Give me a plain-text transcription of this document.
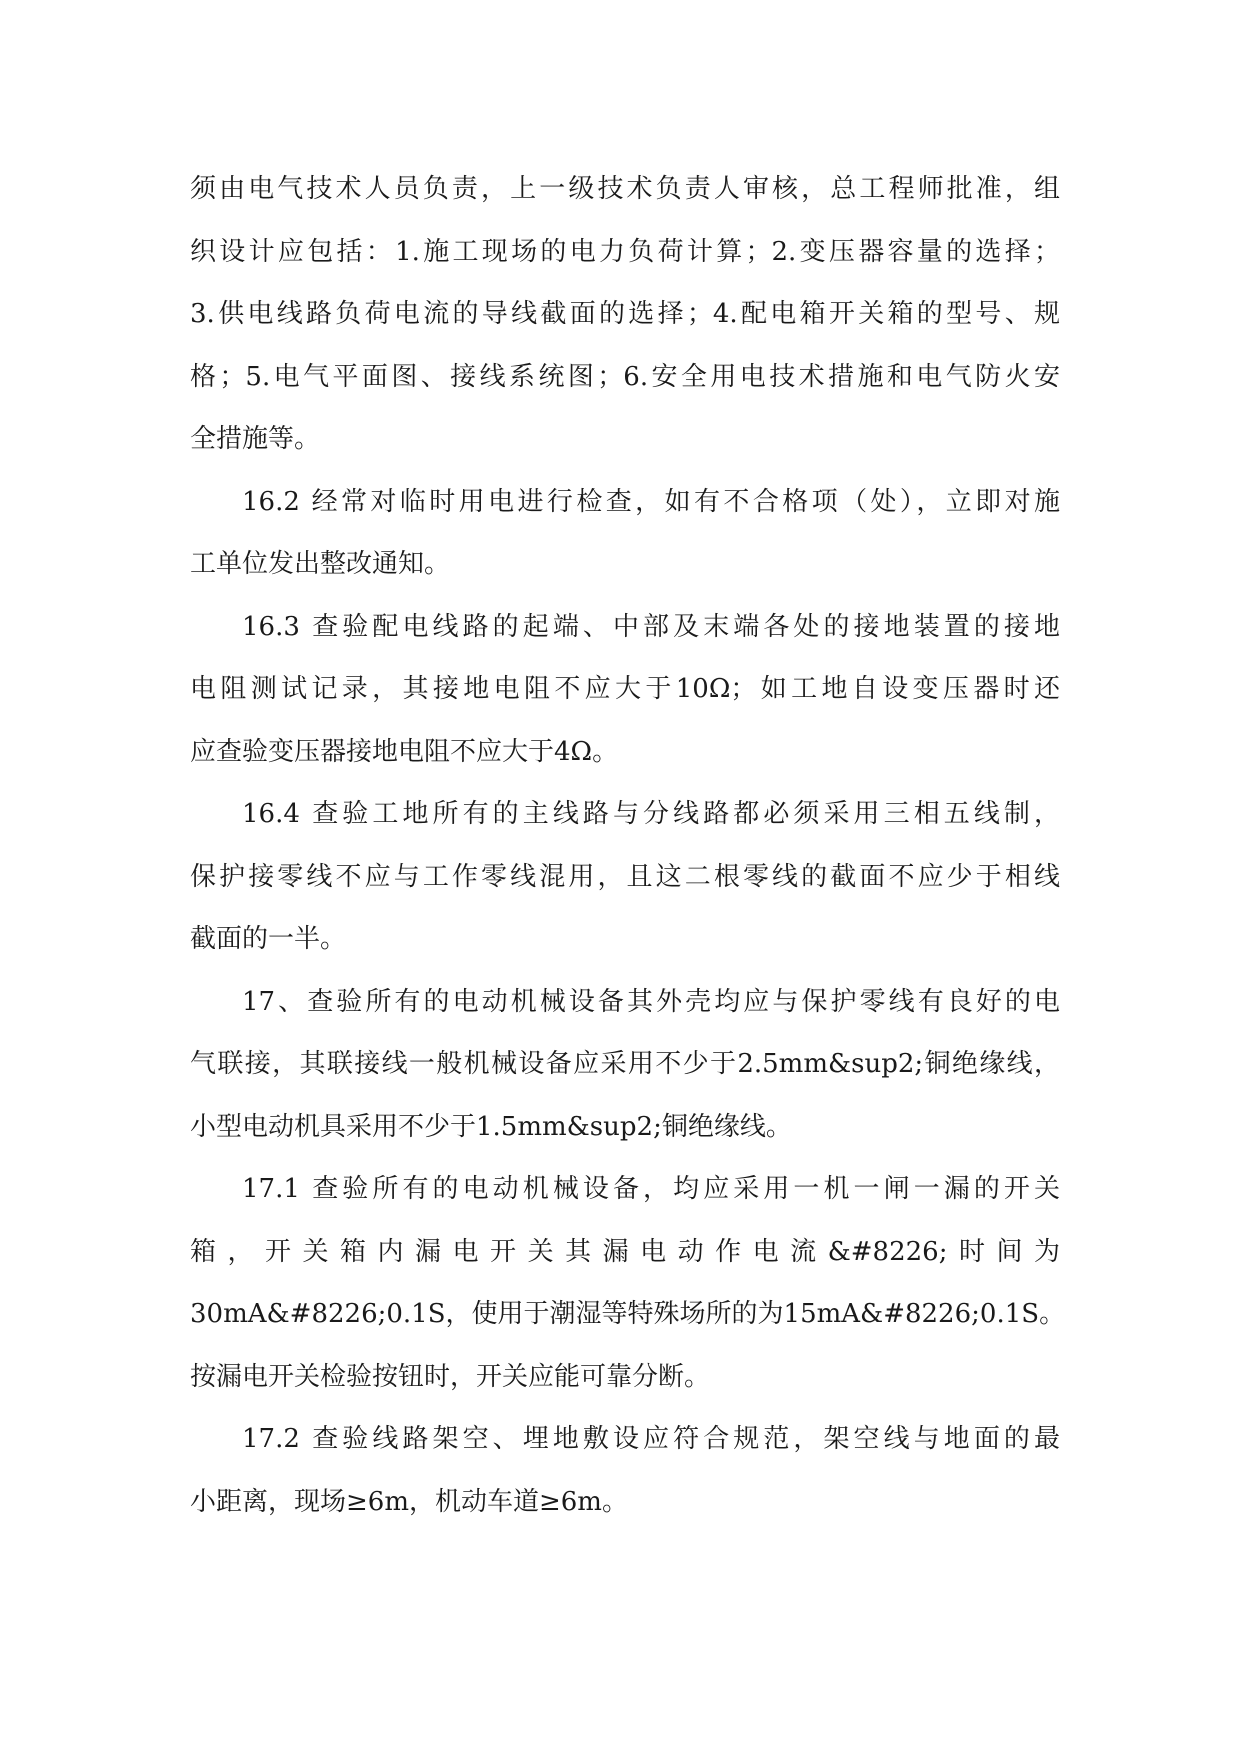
须由电气技术人员负责，上一级技术负责人审核，总工程师批准，组
织设计应包括：1.施工现场的电力负荷计算；2.变压器容量的选择；
3.供电线路负荷电流的导线截面的选择；4.配电箱开关箱的型号、规
格；5.电气平面图、接线系统图；6.安全用电技术措施和电气防火安
全措施等。
16.2 经常对临时用电进行检查，如有不合格项（处），立即对施
工单位发出整改通知。
16.3 查验配电线路的起端、中部及末端各处的接地装置的接地
电阻测试记录，其接地电阻不应大于10Ω；如工地自设变压器时还
应查验变压器接地电阻不应大于4Ω。
16.4 查验工地所有的主线路与分线路都必须采用三相五线制，
保护接零线不应与工作零线混用，且这二根零线的截面不应少于相线
截面的一半。
17、查验所有的电动机械设备其外壳均应与保护零线有良好的电
气联接，其联接线一般机械设备应采用不少于2.5mm&sup2;铜绝缘线，
小型电动机具采用不少于1.5mm&sup2;铜绝缘线。
17.1 查验所有的电动机械设备，均应采用一机一闸一漏的开关
箱，开关箱内漏电开关其漏电动作电流&#8226;时间为
30mA&#8226;0.1S，使用于潮湿等特殊场所的为15mA&#8226;0.1S。
按漏电开关检验按钮时，开关应能可靠分断。
17.2 查验线路架空、埋地敷设应符合规范，架空线与地面的最
小距离，现场≥6m，机动车道≥6m。
